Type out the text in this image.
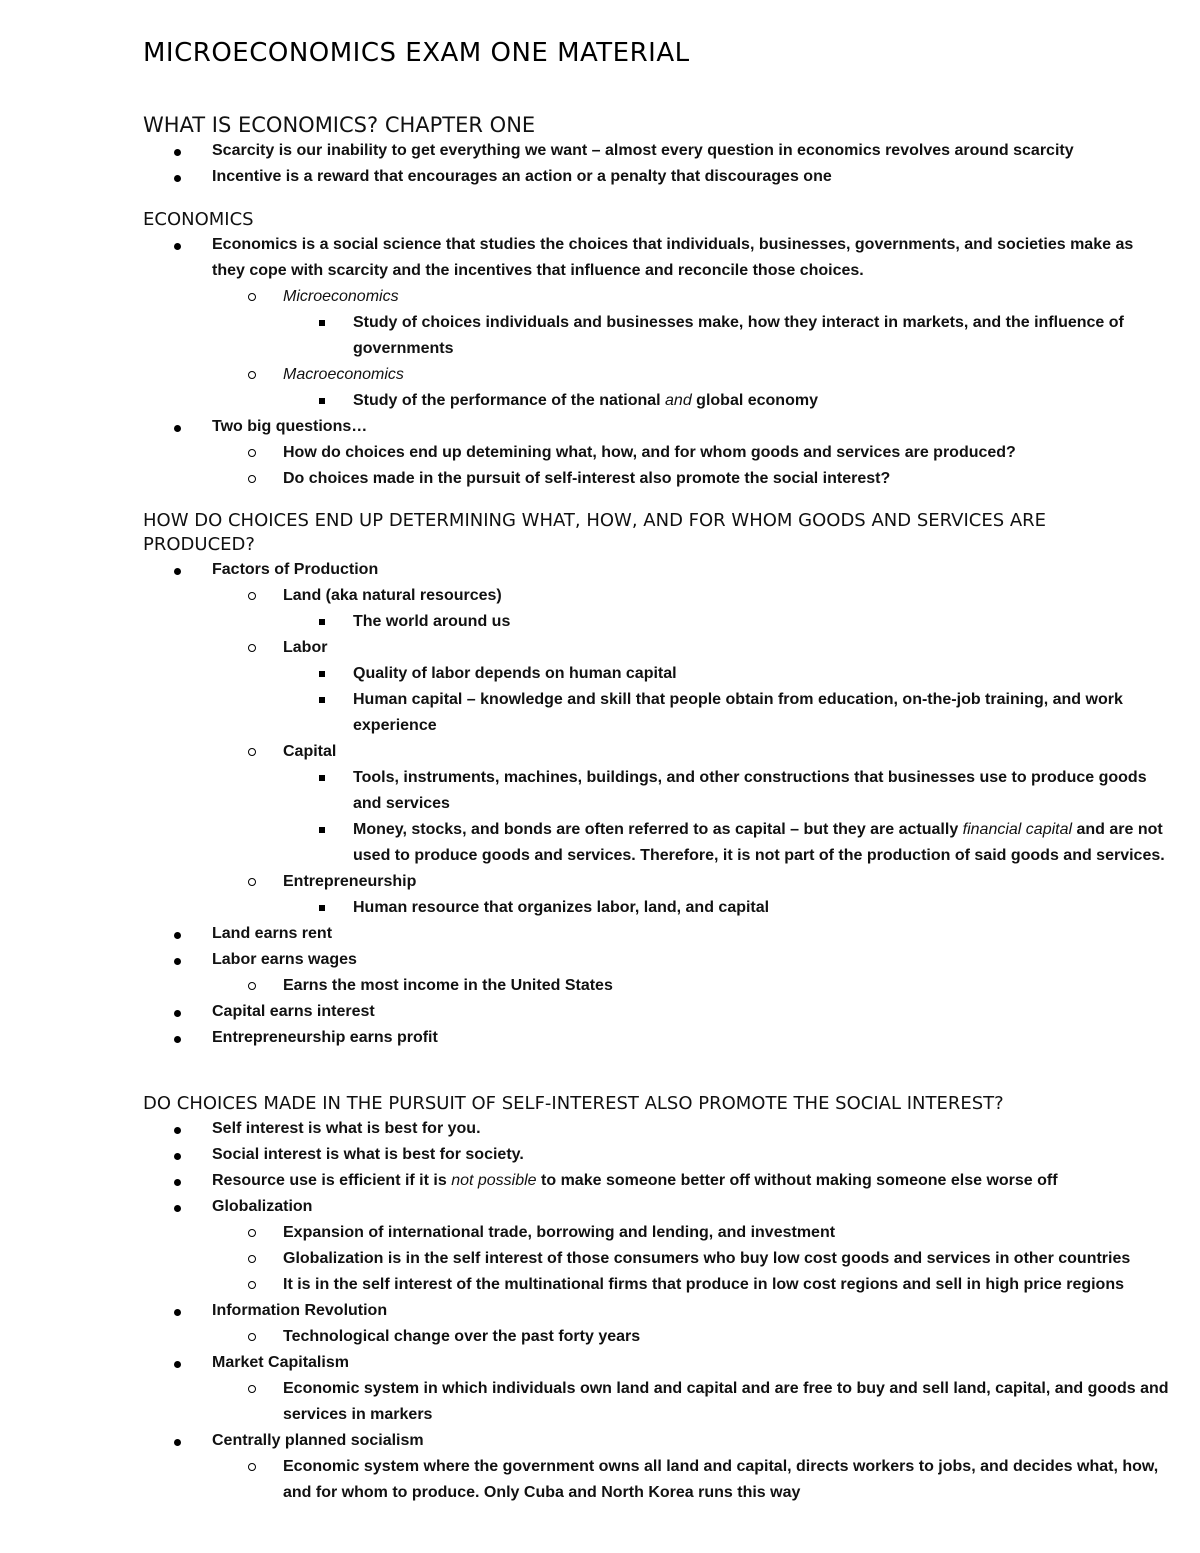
MICROECONOMICS EXAM ONE MATERIAL
WHAT IS ECONOMICS? CHAPTER ONE
Scarcity is our inability to get everything we want – almost every question in economics revolves around scarcity
Incentive is a reward that encourages an action or a penalty that discourages one
ECONOMICS
Economics is a social science that studies the choices that individuals, businesses, governments, and societies make as they cope with scarcity and the incentives that influence and reconcile those choices.
Microeconomics
Study of choices individuals and businesses make, how they interact in markets, and the influence of governments
Macroeconomics
Study of the performance of the national and global economy
Two big questions…
How do choices end up detemining what, how, and for whom goods and services are produced?
Do choices made in the pursuit of self-interest also promote the social interest?
HOW DO CHOICES END UP DETERMINING WHAT, HOW, AND FOR WHOM GOODS AND SERVICES ARE PRODUCED?
Factors of Production
Land (aka natural resources)
The world around us
Labor
Quality of labor depends on human capital
Human capital – knowledge and skill that people obtain from education, on-the-job training, and work experience
Capital
Tools, instruments, machines, buildings, and other constructions that businesses use to produce goods and services
Money, stocks, and bonds are often referred to as capital – but they are actually financial capital and are not used to produce goods and services. Therefore, it is not part of the production of said goods and services.
Entrepreneurship
Human resource that organizes labor, land, and capital
Land earns rent
Labor earns wages
Earns the most income in the United States
Capital earns interest
Entrepreneurship earns profit
DO CHOICES MADE IN THE PURSUIT OF SELF-INTEREST ALSO PROMOTE THE SOCIAL INTEREST?
Self interest is what is best for you.
Social interest is what is best for society.
Resource use is efficient if it is not possible to make someone better off without making someone else worse off
Globalization
Expansion of international trade, borrowing and lending, and investment
Globalization is in the self interest of those consumers who buy low cost goods and services in other countries
It is in the self interest of the multinational firms that produce in low cost regions and sell in high price regions
Information Revolution
Technological change over the past forty years
Market Capitalism
Economic system in which individuals own land and capital and are free to buy and sell land, capital, and goods and services in markers
Centrally planned socialism
Economic system where the government owns all land and capital, directs workers to jobs, and decides what, how, and for whom to produce. Only Cuba and North Korea runs this way
